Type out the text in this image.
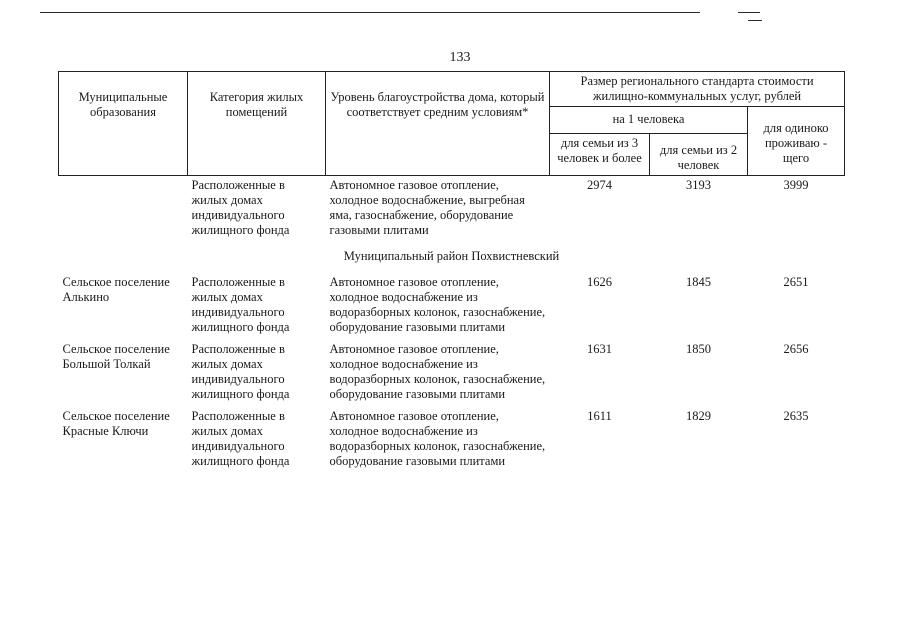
133
Муниципальные образования	Категория жилых помещений	Уровень благоустройства дома, который соответствует средним условиям*	Размер регионального стандарта стоимости жилищно-коммунальных услуг, рублей		
			на 1 человека		для одиноко проживаю - щего
			для семьи из 3 человек и более	для семьи из 2 человек	
	Расположенные в жилых домах индивидуального жилищного фонда	Автономное газовое отопление, холодное водоснабжение, выгребная яма, газоснабжение, оборудование газовыми плитами	2974	3193	3999
Муниципальный район Похвистневский					
Сельское поселение Алькино	Расположенные в жилых домах индивидуального жилищного фонда	Автономное газовое отопление, холодное водоснабжение из водоразборных колонок, газоснабжение, оборудование газовыми плитами	1626	1845	2651
Сельское поселение Большой Толкай	Расположенные в жилых домах индивидуального жилищного фонда	Автономное газовое отопление, холодное водоснабжение из водоразборных колонок, газоснабжение, оборудование газовыми плитами	1631	1850	2656
Сельское поселение Красные Ключи	Расположенные в жилых домах индивидуального жилищного фонда	Автономное газовое отопление, холодное водоснабжение из водоразборных колонок, газоснабжение, оборудование газовыми плитами	1611	1829	2635
